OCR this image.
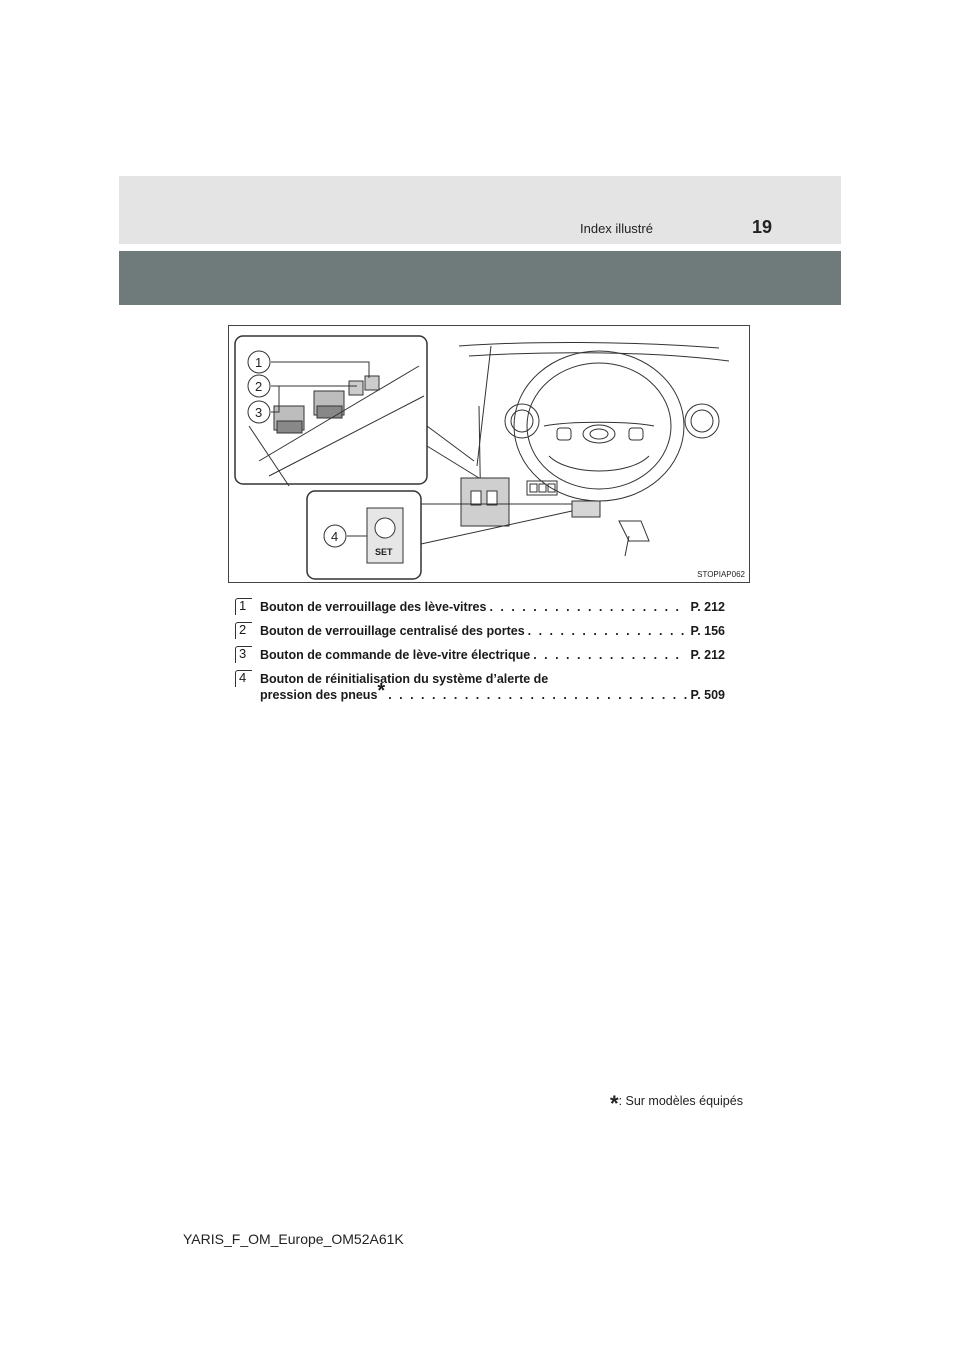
Index illustré	19
1
2
3
4
SET
STOPIAP062
1 Bouton de verrouillage des lève-vitres . . .	P. 212
2 Bouton de verrouillage centralisé des portes . . .	P. 156
3 Bouton de commande de lève-vitre électrique . . .	P. 212
4 Bouton de réinitialisation du système d’alerte de
pression des pneus* . . .	P. 509
*: Sur modèles équipés
YARIS_F_OM_Europe_OM52A61K
